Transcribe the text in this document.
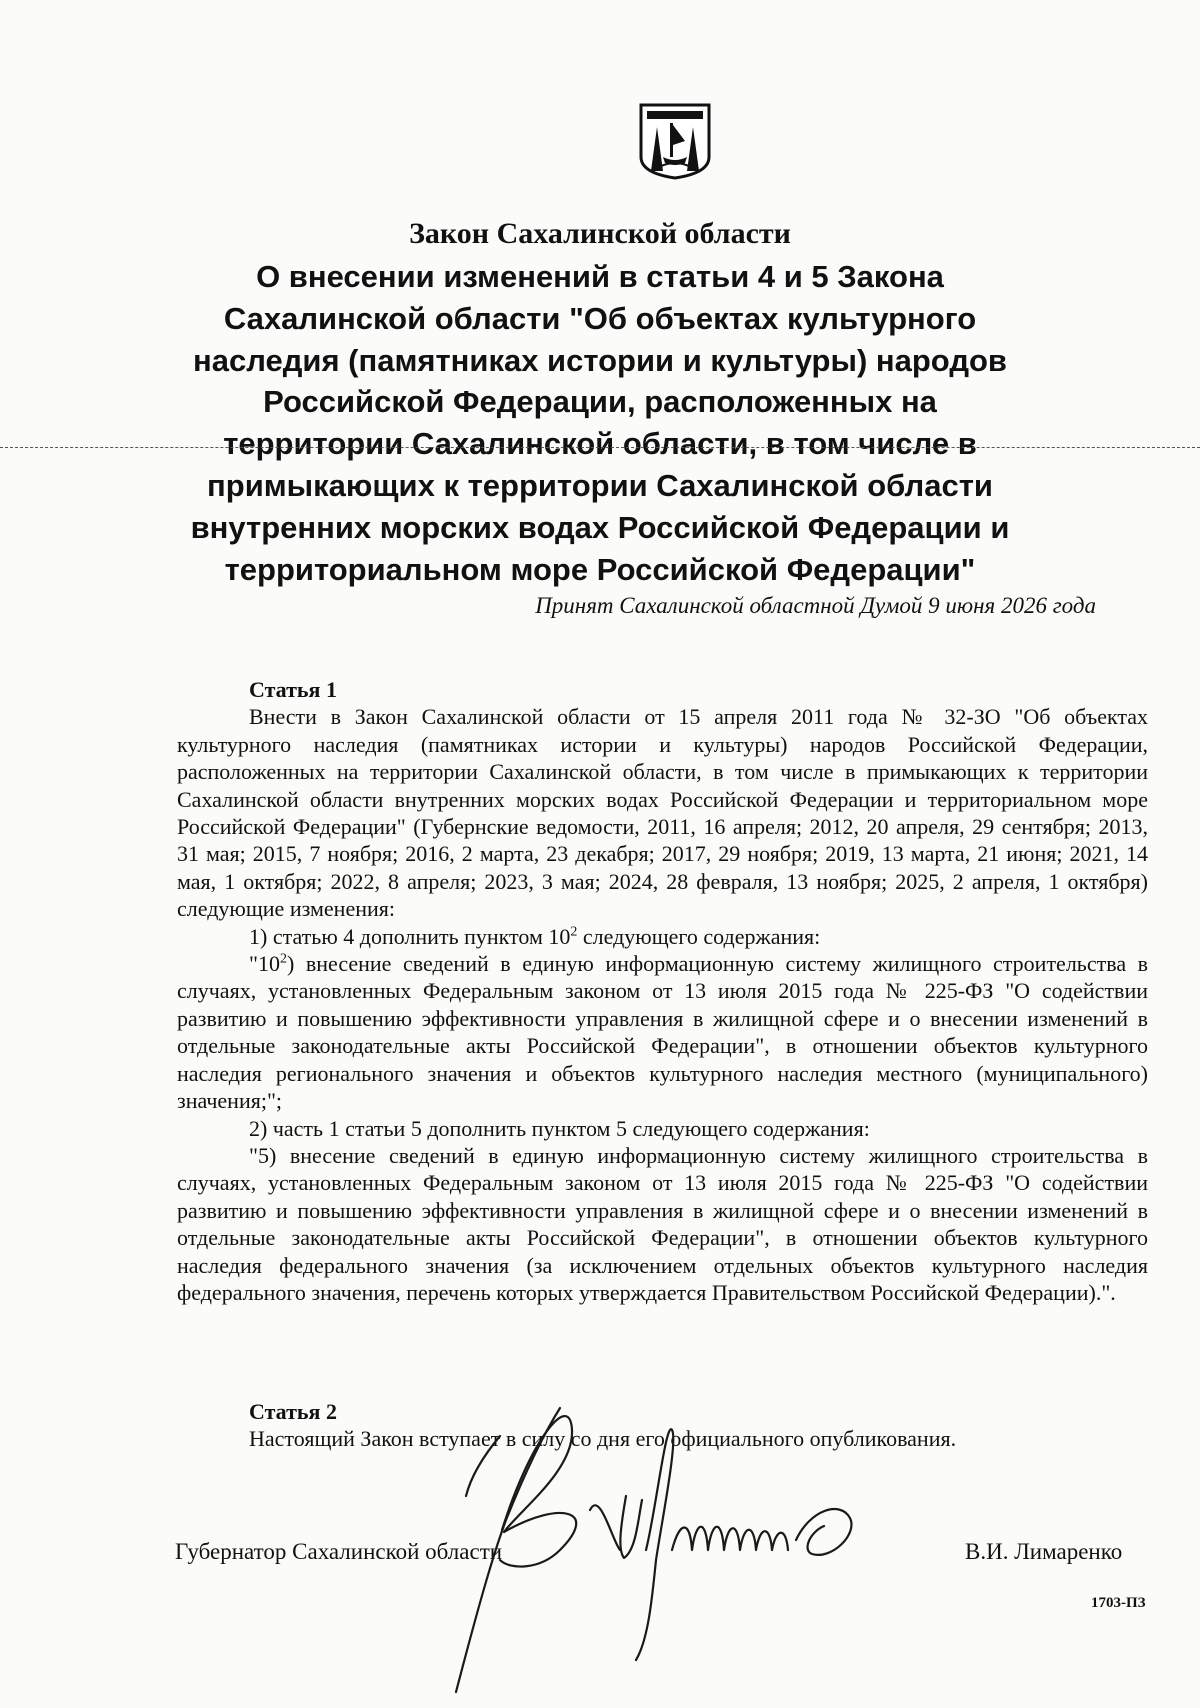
Закон Сахалинской области
О внесении изменений в статьи 4 и 5 Закона
Сахалинской области "Об объектах культурного
наследия (памятниках истории и культуры) народов
Российской Федерации, расположенных на
территории Сахалинской области, в том числе в
примыкающих к территории Сахалинской области
внутренних морских водах Российской Федерации и
территориальном море Российской Федерации"
Принят Сахалинской областной Думой 9 июня 2026 года

Статья 1

Внести в Закон Сахалинской области от 15 апреля 2011 года № 32-ЗО "Об объектах культурного наследия (памятниках истории и культуры) народов Российской Федерации, расположенных на территории Сахалинской области, в том числе в примыкающих к территории Сахалинской области внутренних морских водах Российской Федерации и территориальном море Российской Федерации" (Губернские ведомости, 2011, 16 апреля; 2012, 20 апреля, 29 сентября; 2013, 31 мая; 2015, 7 ноября; 2016, 2 марта, 23 декабря; 2017, 29 ноября; 2019, 13 марта, 21 июня; 2021, 14 мая, 1 октября; 2022, 8 апреля; 2023, 3 мая; 2024, 28 февраля, 13 ноября; 2025, 2 апреля, 1 октября) следующие изменения:

1) статью 4 дополнить пунктом $10^2$ следующего содержания:

"$10^2$) внесение сведений в единую информационную систему жилищного строительства в случаях, установленных Федеральным законом от 13 июля 2015 года № 225-ФЗ "О содействии развитию и повышению эффективности управления в жилищной сфере и о внесении изменений в отдельные законодательные акты Российской Федерации", в отношении объектов культурного наследия регионального значения и объектов культурного наследия местного (муниципального) значения;";

2) часть 1 статьи 5 дополнить пунктом 5 следующего содержания:

"5) внесение сведений в единую информационную систему жилищного строительства в случаях, установленных Федеральным законом от 13 июля 2015 года № 225-ФЗ "О содействии развитию и повышению эффективности управления в жилищной сфере и о внесении изменений в отдельные законодательные акты Российской Федерации", в отношении объектов культурного наследия федерального значения (за исключением отдельных объектов культурного наследия федерального значения, перечень которых утверждается Правительством Российской Федерации).".

Статья 2

Настоящий Закон вступает в силу со дня его официального опубликования.

Губернатор Сахалинской области	В.И. Лимаренко
1703-ПЗ
